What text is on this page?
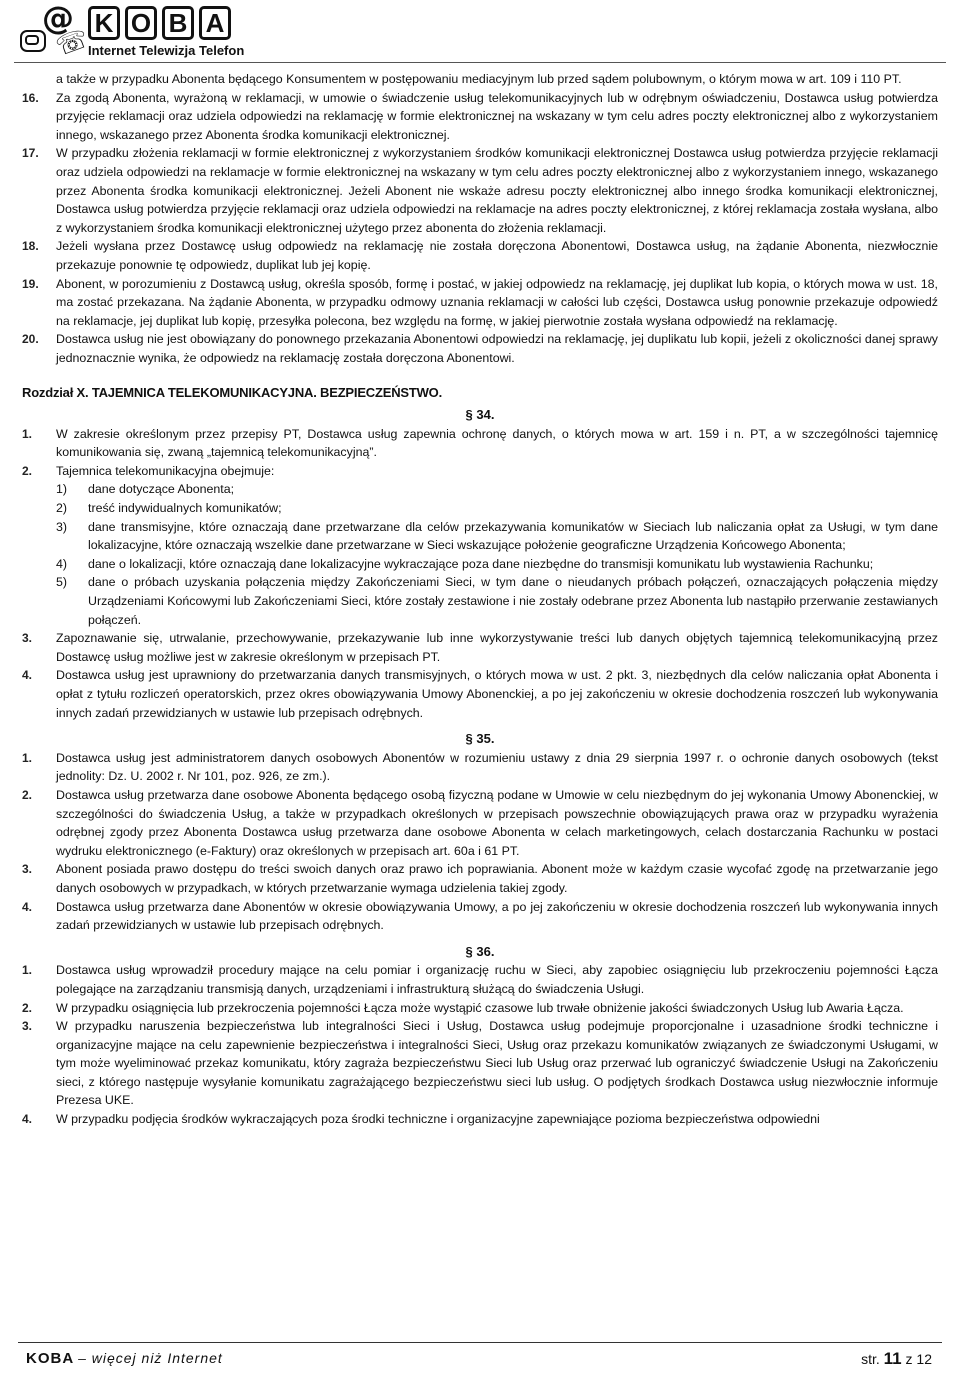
@
☏
K O B A
Internet Telewizja Telefon
a także w przypadku Abonenta będącego Konsumentem w postępowaniu mediacyjnym lub przed sądem polubownym, o którym mowa w art. 109 i 110 PT.
16. Za zgodą Abonenta, wyrażoną w reklamacji, w umowie o świadczenie usług telekomunikacyjnych lub w odrębnym oświadczeniu, Dostawca usług potwierdza przyjęcie reklamacji oraz udziela odpowiedzi na reklamację w formie elektronicznej na wskazany w tym celu adres poczty elektronicznej albo z wykorzystaniem innego, wskazanego przez Abonenta środka komunikacji elektronicznej.
17. W przypadku złożenia reklamacji w formie elektronicznej z wykorzystaniem środków komunikacji elektronicznej Dostawca usług potwierdza przyjęcie reklamacji oraz udziela odpowiedzi na reklamacje w formie elektronicznej na wskazany w tym celu adres poczty elektronicznej albo z wykorzystaniem innego, wskazanego przez Abonenta środka komunikacji elektronicznej. Jeżeli Abonent nie wskaże adresu poczty elektronicznej albo innego środka komunikacji elektronicznej, Dostawca usług potwierdza przyjęcie reklamacji oraz udziela odpowiedzi na reklamacje na adres poczty elektronicznej, z której reklamacja została wysłana, albo z wykorzystaniem środka komunikacji elektronicznej użytego przez abonenta do złożenia reklamacji.
18. Jeżeli wysłana przez Dostawcę usług odpowiedz na reklamację nie została doręczona Abonentowi, Dostawca usług, na żądanie Abonenta, niezwłocznie przekazuje ponownie tę odpowiedz, duplikat lub jej kopię.
19. Abonent, w porozumieniu z Dostawcą usług, określa sposób, formę i postać, w jakiej odpowiedz na reklamację, jej duplikat lub kopia, o których mowa w ust. 18, ma zostać przekazana. Na żądanie Abonenta, w przypadku odmowy uznania reklamacji w całości lub części, Dostawca usług ponownie przekazuje odpowiedź na reklamacje, jej duplikat lub kopię, przesyłka polecona, bez względu na formę, w jakiej pierwotnie została wysłana odpowiedź na reklamację.
20. Dostawca usług nie jest obowiązany do ponownego przekazania Abonentowi odpowiedzi na reklamację, jej duplikatu lub kopii, jeżeli z okoliczności danej sprawy jednoznacznie wynika, że odpowiedz na reklamację została doręczona Abonentowi.
Rozdział X. TAJEMNICA TELEKOMUNIKACYJNA. BEZPIECZEŃSTWO.
§ 34.
1. W zakresie określonym przez przepisy PT, Dostawca usług zapewnia ochronę danych, o których mowa w art. 159 i n. PT, a w szczególności tajemnicę komunikowania się, zwaną „tajemnicą telekomunikacyjną”.
2. Tajemnica telekomunikacyjna obejmuje:
1) dane dotyczące Abonenta;
2) treść indywidualnych komunikatów;
3) dane transmisyjne, które oznaczają dane przetwarzane dla celów przekazywania komunikatów w Sieciach lub naliczania opłat za Usługi, w tym dane lokalizacyjne, które oznaczają wszelkie dane przetwarzane w Sieci wskazujące położenie geograficzne Urządzenia Końcowego Abonenta;
4) dane o lokalizacji, które oznaczają dane lokalizacyjne wykraczające poza dane niezbędne do transmisji komunikatu lub wystawienia Rachunku;
5) dane o próbach uzyskania połączenia między Zakończeniami Sieci, w tym dane o nieudanych próbach połączeń, oznaczających połączenia między Urządzeniami Końcowymi lub Zakończeniami Sieci, które zostały zestawione i nie zostały odebrane przez Abonenta lub nastąpiło przerwanie zestawianych połączeń.
3. Zapoznawanie się, utrwalanie, przechowywanie, przekazywanie lub inne wykorzystywanie treści lub danych objętych tajemnicą telekomunikacyjną przez Dostawcę usług możliwe jest w zakresie określonym w przepisach PT.
4. Dostawca usług jest uprawniony do przetwarzania danych transmisyjnych, o których mowa w ust. 2 pkt. 3, niezbędnych dla celów naliczania opłat Abonenta i opłat z tytułu rozliczeń operatorskich, przez okres obowiązywania Umowy Abonenckiej, a po jej zakończeniu w okresie dochodzenia roszczeń lub wykonywania innych zadań przewidzianych w ustawie lub przepisach odrębnych.
§ 35.
1. Dostawca usług jest administratorem danych osobowych Abonentów w rozumieniu ustawy z dnia 29 sierpnia 1997 r. o ochronie danych osobowych (tekst jednolity: Dz. U. 2002 r. Nr 101, poz. 926, ze zm.).
2. Dostawca usług przetwarza dane osobowe Abonenta będącego osobą fizyczną podane w Umowie w celu niezbędnym do jej wykonania Umowy Abonenckiej, w szczególności do świadczenia Usług, a także w przypadkach określonych w przepisach powszechnie obowiązujących prawa oraz w przypadku wyrażenia odrębnej zgody przez Abonenta Dostawca usług przetwarza dane osobowe Abonenta w celach marketingowych, celach dostarczania Rachunku w postaci wydruku elektronicznego (e-Faktury) oraz określonych w przepisach art. 60a i 61 PT.
3. Abonent posiada prawo dostępu do treści swoich danych oraz prawo ich poprawiania. Abonent może w każdym czasie wycofać zgodę na przetwarzanie jego danych osobowych w przypadkach, w których przetwarzanie wymaga udzielenia takiej zgody.
4. Dostawca usług przetwarza dane Abonentów w okresie obowiązywania Umowy, a po jej zakończeniu w okresie dochodzenia roszczeń lub wykonywania innych zadań przewidzianych w ustawie lub przepisach odrębnych.
§ 36.
1. Dostawca usług wprowadził procedury mające na celu pomiar i organizację ruchu w Sieci, aby zapobiec osiągnięciu lub przekroczeniu pojemności Łącza polegające na zarządzaniu transmisją danych, urządzeniami i infrastrukturą służącą do świadczenia Usługi.
2. W przypadku osiągnięcia lub przekroczenia pojemności Łącza może wystąpić czasowe lub trwałe obniżenie jakości świadczonych Usług lub Awaria Łącza.
3. W przypadku naruszenia bezpieczeństwa lub integralności Sieci i Usług, Dostawca usług podejmuje proporcjonalne i uzasadnione środki techniczne i organizacyjne mające na celu zapewnienie bezpieczeństwa i integralności Sieci, Usług oraz przekazu komunikatów związanych ze świadczonymi Usługami, w tym może wyeliminować przekaz komunikatu, który zagraża bezpieczeństwu Sieci lub Usług oraz przerwać lub ograniczyć świadczenie Usługi na Zakończeniu sieci, z którego następuje wysyłanie komunikatu zagrażającego bezpieczeństwu sieci lub usług. O podjętych środkach Dostawca usług niezwłocznie informuje Prezesa UKE.
4. W przypadku podjęcia środków wykraczających poza środki techniczne i organizacyjne zapewniające pozioma bezpieczeństwa odpowiedni
KOBA – więcej niż Internet	str. 11 z 12
